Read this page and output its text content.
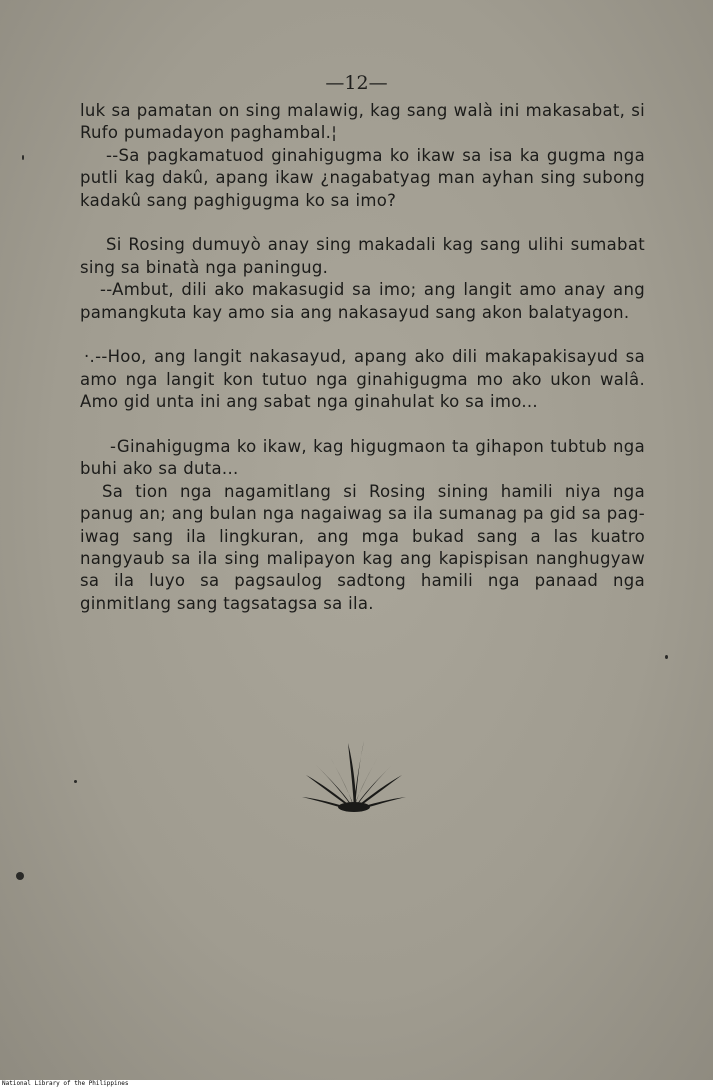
—12—

luk sa pamatan on sing malawig, kag sang walà ini makasabat, si Rufo pumadayon paghambal.¦

--Sa pagkamatuod ginahigugma ko ikaw sa isa ka gugma nga putli kag dakû, apang ikaw ¿nagabatyag man ayhan sing subong kadakû sang paghigugma ko sa imo?

Si Rosing dumuyò anay sing makadali kag sang ulihi sumabat sing sa binatà nga paningug.

--Ambut, dili ako makasugid sa imo; ang langit amo anay ang pamangkuta kay amo sia ang nakasayud sang akon balatyagon.

·.--Hoo, ang langit nakasayud, apang ako dili makapakisayud sa amo nga langit kon tutuo nga ginahigugma mo ako ukon walâ. Amo gid unta ini ang sabat nga ginahulat ko sa imo...

-Ginahigugma ko ikaw, kag higugmaon ta gihapon tubtub nga buhi ako sa duta...

Sa tion nga nagamitlang si Rosing sining hamili niya nga panug an; ang bulan nga nagaiwag sa ila sumanag pa gid sa pag-iwag sang ila lingkuran, ang mga bukad sang a las kuatro nangyaub sa ila sing malipayon kag ang kapispisan nanghugyaw sa ila luyo sa pagsaulog sadtong hamili nga panaad nga ginmitlang sang tagsatagsa sa ila.

National Library of the Philippines
